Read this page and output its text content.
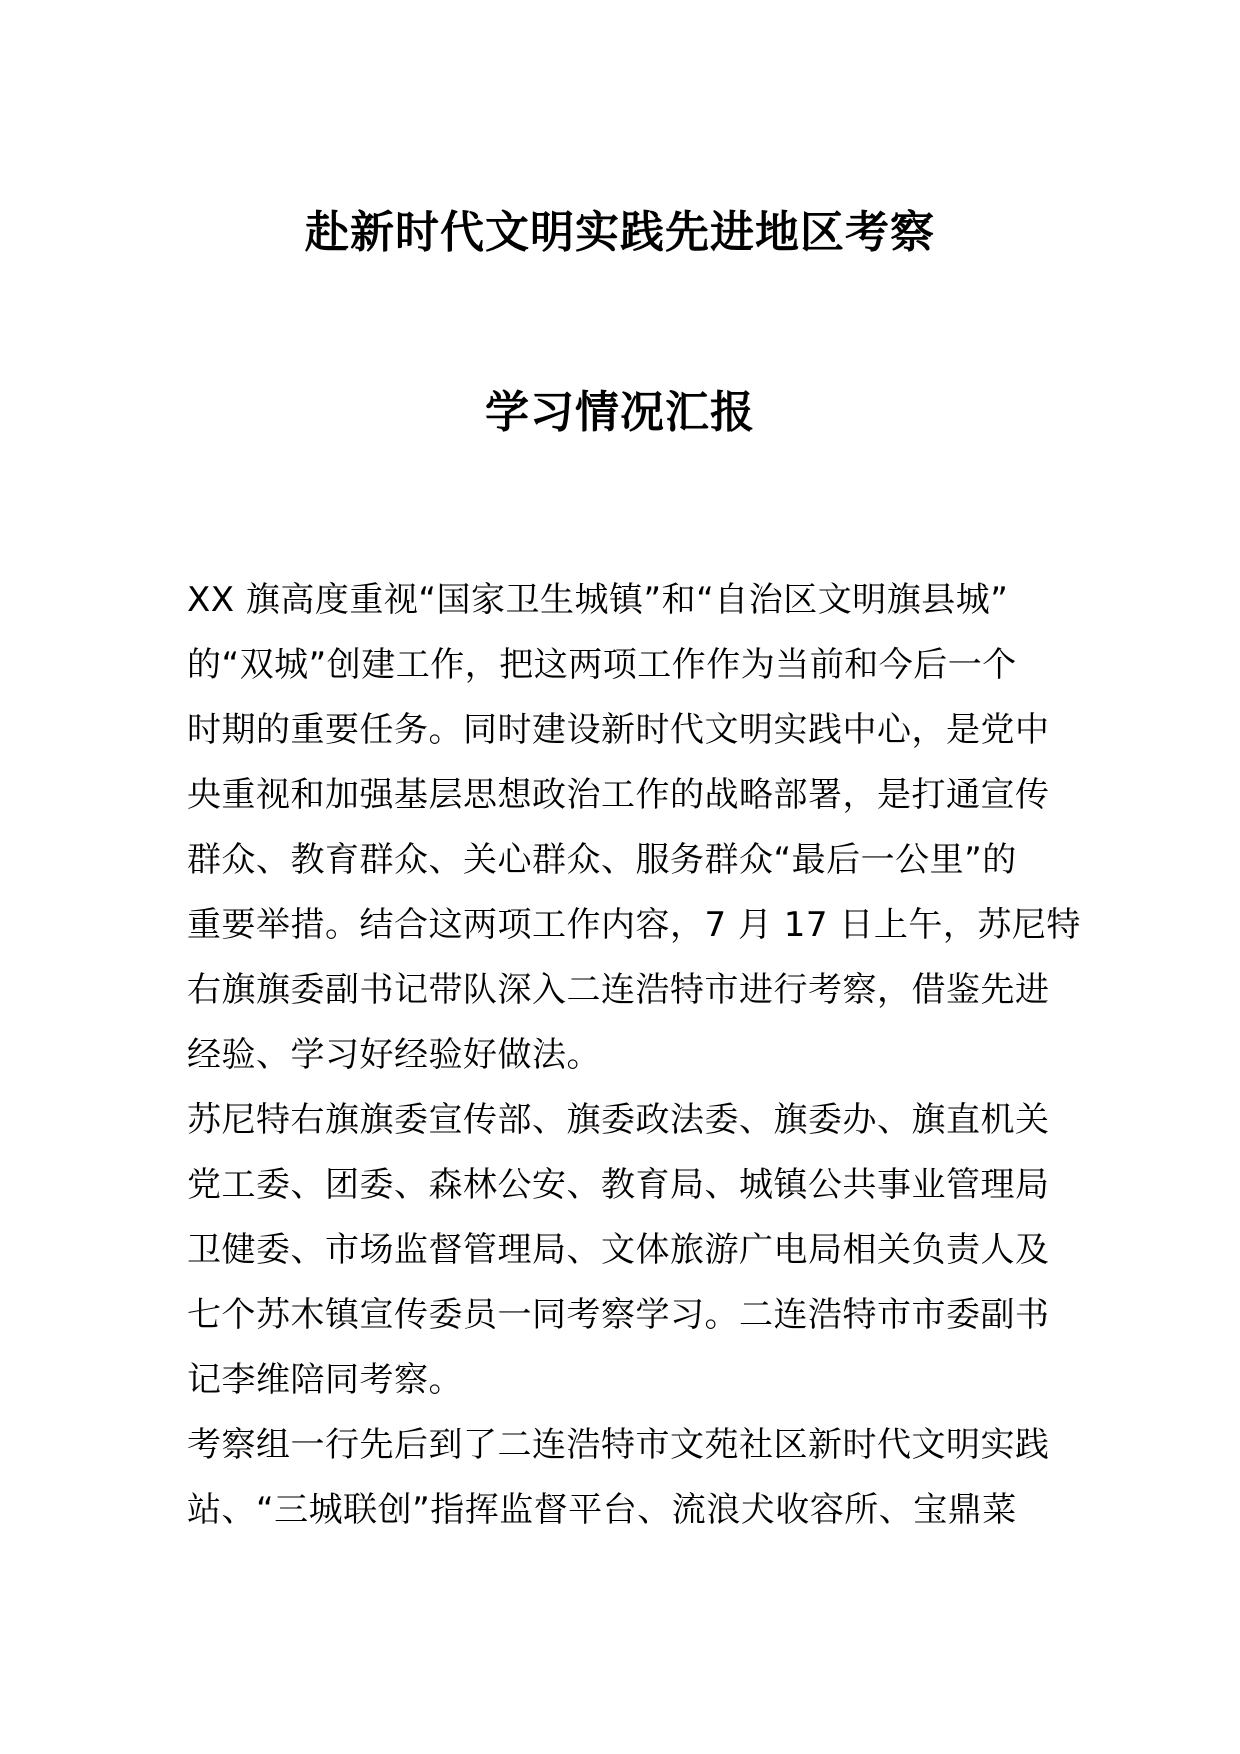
赴新时代文明实践先进地区考察
学习情况汇报
XX 旗高度重视“国家卫生城镇”和“自治区文明旗县城”
的“双城”创建工作，把这两项工作作为当前和今后一个
时期的重要任务。同时建设新时代文明实践中心，是党中
央重视和加强基层思想政治工作的战略部署，是打通宣传
群众、教育群众、关心群众、服务群众“最后一公里”的
重要举措。结合这两项工作内容，7 月 17 日上午，苏尼特
右旗旗委副书记带队深入二连浩特市进行考察，借鉴先进
经验、学习好经验好做法。
苏尼特右旗旗委宣传部、旗委政法委、旗委办、旗直机关
党工委、团委、森林公安、教育局、城镇公共事业管理局
卫健委、市场监督管理局、文体旅游广电局相关负责人及
七个苏木镇宣传委员一同考察学习。二连浩特市市委副书
记李维陪同考察。
考察组一行先后到了二连浩特市文苑社区新时代文明实践
站、“三城联创”指挥监督平台、流浪犬收容所、宝鼎菜
